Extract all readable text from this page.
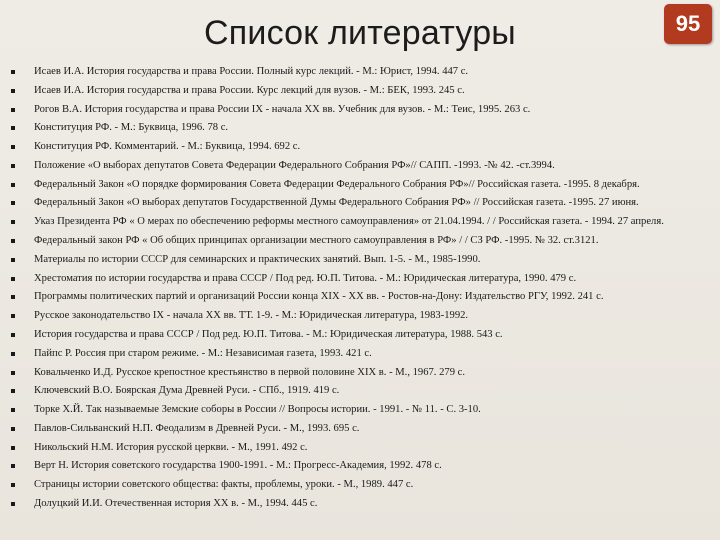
Список литературы	95
Исаев И.А. История государства и права России. Полный курс лекций. - М.: Юрист, 1994. 447 с.
Исаев И.А. История государства и права России. Курс лекций для вузов. - М.: БЕК, 1993. 245 с.
Рогов В.А. История государства и права России IX - начала XX вв. Учебник для вузов. - М.: Теис, 1995. 263 с.
Конституция РФ. - М.: Буквица, 1996. 78 с.
Конституция РФ. Комментарий. - М.: Буквица, 1994. 692 с.
Положение «О выборах депутатов Совета Федерации Федерального Собрания РФ»// САПП. -1993. -№ 42. -ст.3994.
Федеральный Закон «О порядке формирования Совета Федерации Федерального Собрания РФ»// Российская газета. -1995. 8 декабря.
Федеральный Закон «О выборах депутатов Государственной Думы Федерального Собрания РФ» // Российская газета. -1995. 27 июня.
Указ Президента РФ « О мерах по обеспечению реформы местного самоуправления» от 21.04.1994. / / Российская газета. - 1994. 27 апреля.
Федеральный закон РФ « Об общих принципах организации местного самоуправления в РФ» / / СЗ РФ. -1995. № 32. ст.3121.
Материалы по истории СССР для семинарских и практических занятий. Вып. 1-5. - М., 1985-1990.
Хрестоматия по истории государства и права СССР / Под ред. Ю.П. Титова. - М.: Юридическая литература, 1990. 479 с.
Программы политических партий и организаций России конца XIX - XX вв. - Ростов-на-Дону: Издательство РГУ, 1992. 241 с.
Русское законодательство IX - начала XX вв. ТТ. 1-9. - М.: Юридическая литература, 1983-1992.
История государства и права СССР / Под ред. Ю.П. Титова. - М.: Юридическая литература, 1988. 543 с.
Пайпс Р. Россия при старом режиме. - М.: Независимая газета, 1993. 421 с.
Ковальченко И.Д. Русское крепостное крестьянство в первой половине XIX в. - М., 1967. 279 с.
Ключевский В.О. Боярская Дума Древней Руси. - СПб., 1919. 419 с.
Торке Х.Й. Так называемые Земские соборы в России // Вопросы истории. - 1991. - № 11. - С. 3-10.
Павлов-Сильванский Н.П. Феодализм в Древней Руси. - М., 1993. 695 с.
Никольский Н.М. История русской церкви. - М., 1991. 492 с.
Верт Н. История советского государства 1900-1991. - М.: Прогресс-Академия, 1992. 478 с.
Страницы истории советского общества: факты, проблемы, уроки. - М., 1989. 447 с.
Долуцкий И.И. Отечественная история XX в. - М., 1994. 445 с.
